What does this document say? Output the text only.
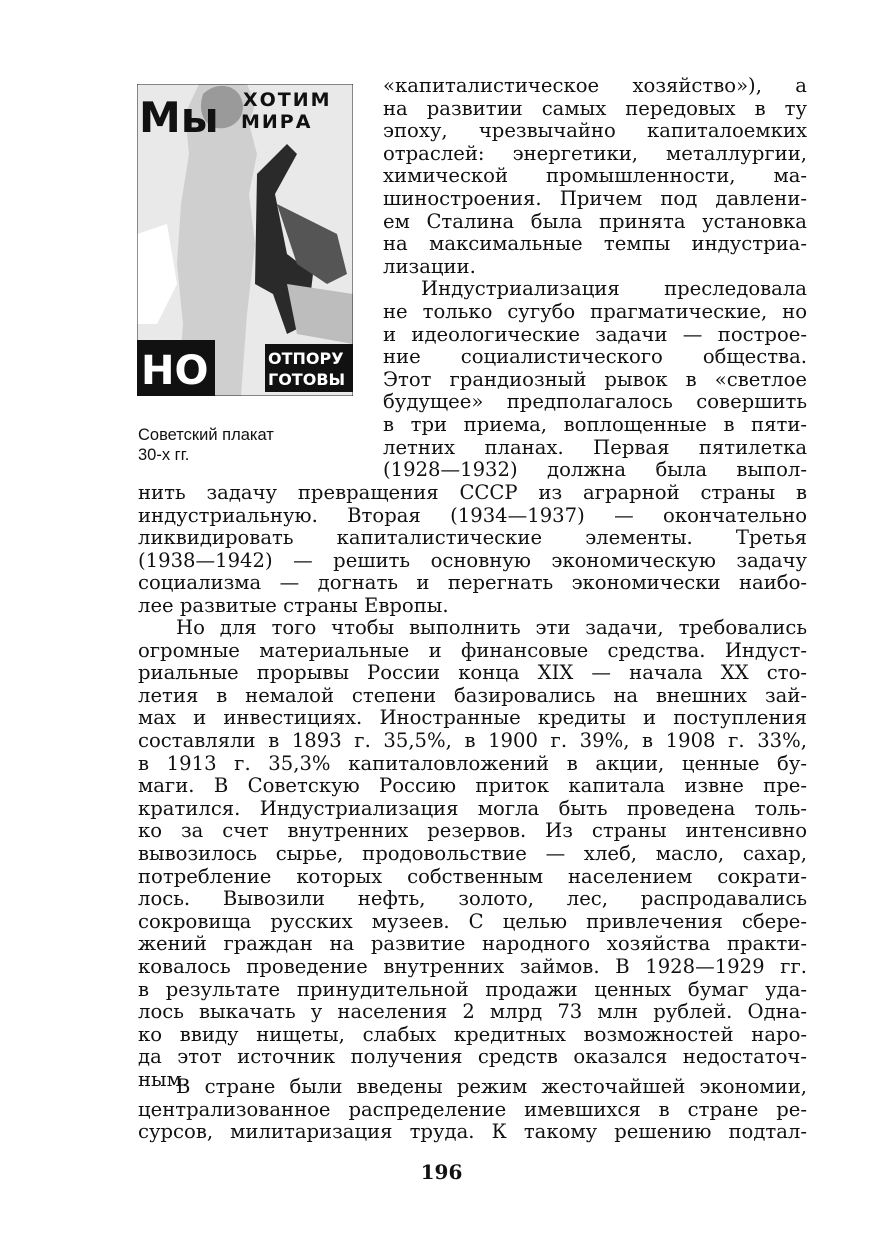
Мы ХОТИМ
МИРА
НО	ОТПОРУ
ГОТОВЫ
Советский плакат
30-х гг.
«капиталистическое хозяйство»), а
на развитии самых передовых в ту
эпоху, чрезвычайно капиталоемких
отраслей: энергетики, металлургии,
химической промышленности, ма-
шиностроения. Причем под давлени-
ем Сталина была принята установка
на максимальные темпы индустриа-
лизации.
Индустриализация преследовала
не только сугубо прагматические, но
и идеологические задачи — построе-
ние социалистического общества.
Этот грандиозный рывок в «светлое
будущее» предполагалось совершить
в три приема, воплощенные в пяти-
летних планах. Первая пятилетка
(1928—1932) должна была выпол-
нить задачу превращения СССР из аграрной страны в
индустриальную. Вторая (1934—1937) — окончательно
ликвидировать капиталистические элементы. Третья
(1938—1942) — решить основную экономическую задачу
социализма — догнать и перегнать экономически наибо-
лее развитые страны Европы.
Но для того чтобы выполнить эти задачи, требовались
огромные материальные и финансовые средства. Индуст-
риальные прорывы России конца XIX — начала XX сто-
летия в немалой степени базировались на внешних зай-
мах и инвестициях. Иностранные кредиты и поступления
составляли в 1893 г. 35,5%, в 1900 г. 39%, в 1908 г. 33%,
в 1913 г. 35,3% капиталовложений в акции, ценные бу-
маги. В Советскую Россию приток капитала извне пре-
кратился. Индустриализация могла быть проведена толь-
ко за счет внутренних резервов. Из страны интенсивно
вывозилось сырье, продовольствие — хлеб, масло, сахар,
потребление которых собственным населением сократи-
лось. Вывозили нефть, золото, лес, распродавались
сокровища русских музеев. С целью привлечения сбере-
жений граждан на развитие народного хозяйства практи-
ковалось проведение внутренних займов. В 1928—1929 гг.
в результате принудительной продажи ценных бумаг уда-
лось выкачать у населения 2 млрд 73 млн рублей. Однa-
ко ввиду нищеты, слабых кредитных возможностей наро-
да этот источник получения средств оказался недостаточ-
ным.
В стране были введены режим жесточайшей экономии,
централизованное распределение имевшихся в стране ре-
сурсов, милитаризация труда. К такому решению подтал-
196
